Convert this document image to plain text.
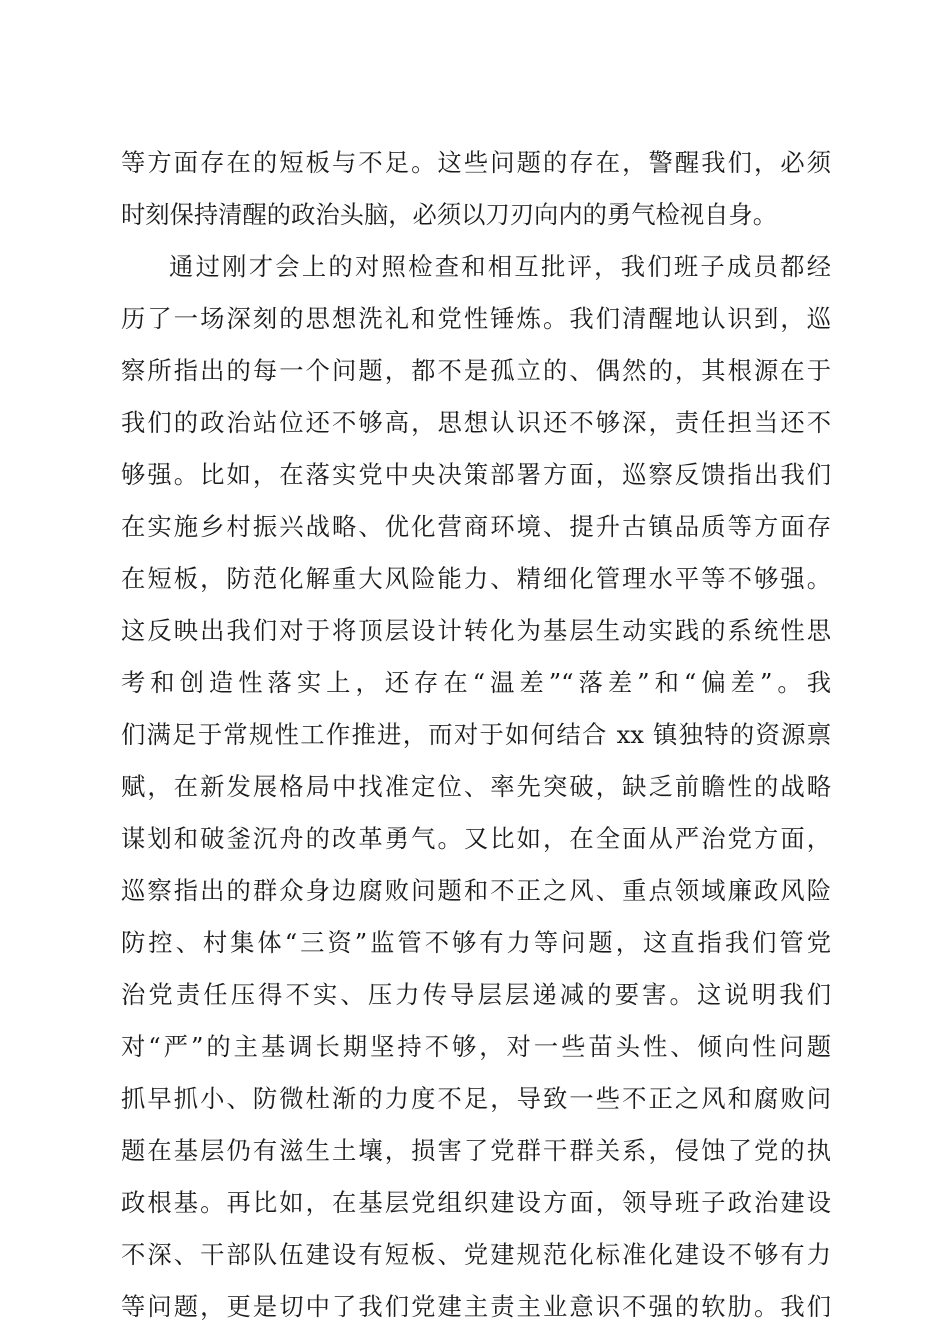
等方面存在的短板与不足。这些问题的存在，警醒我们，必须
时刻保持清醒的政治头脑，必须以刀刃向内的勇气检视自身。
通过刚才会上的对照检查和相互批评，我们班子成员都经
历了一场深刻的思想洗礼和党性锤炼。我们清醒地认识到，巡
察所指出的每一个问题，都不是孤立的、偶然的，其根源在于
我们的政治站位还不够高，思想认识还不够深，责任担当还不
够强。比如，在落实党中央决策部署方面，巡察反馈指出我们
在实施乡村振兴战略、优化营商环境、提升古镇品质等方面存
在短板，防范化解重大风险能力、精细化管理水平等不够强。
这反映出我们对于将顶层设计转化为基层生动实践的系统性思
考和创造性落实上，还存在“温差”“落差”和“偏差”。我
们满足于常规性工作推进，而对于如何结合 xx 镇独特的资源禀
赋，在新发展格局中找准定位、率先突破，缺乏前瞻性的战略
谋划和破釜沉舟的改革勇气。又比如，在全面从严治党方面，
巡察指出的群众身边腐败问题和不正之风、重点领域廉政风险
防控、村集体“三资”监管不够有力等问题，这直指我们管党
治党责任压得不实、压力传导层层递减的要害。这说明我们
对“严”的主基调长期坚持不够，对一些苗头性、倾向性问题
抓早抓小、防微杜渐的力度不足，导致一些不正之风和腐败问
题在基层仍有滋生土壤，损害了党群干群关系，侵蚀了党的执
政根基。再比如，在基层党组织建设方面，领导班子政治建设
不深、干部队伍建设有短板、党建规范化标准化建设不够有力
等问题，更是切中了我们党建主责主业意识不强的软肋。我们
